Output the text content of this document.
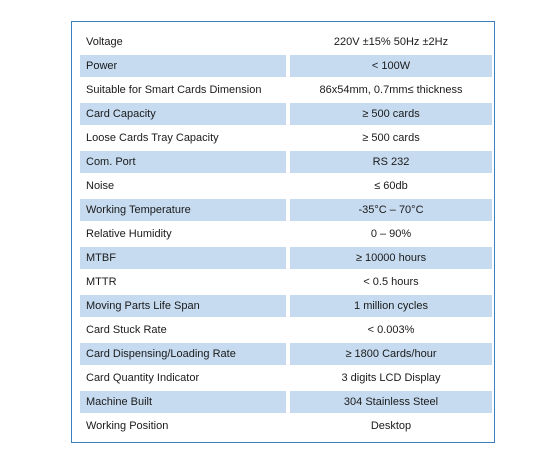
Voltage		220V ±15% 50Hz ±2Hz
Power		< 100W
Suitable for Smart Cards Dimension		86x54mm, 0.7mm≤ thickness
Card Capacity		≥ 500 cards
Loose Cards Tray Capacity		≥ 500 cards
Com. Port		RS 232
Noise		≤ 60db
Working Temperature		-35°C – 70°C
Relative Humidity		0 – 90%
MTBF		≥ 10000 hours
MTTR		< 0.5 hours
Moving Parts Life Span		1 million cycles
Card Stuck Rate		< 0.003%
Card Dispensing/Loading Rate		≥ 1800 Cards/hour
Card Quantity Indicator		3 digits LCD Display
Machine Built		304 Stainless Steel
Working Position		Desktop
